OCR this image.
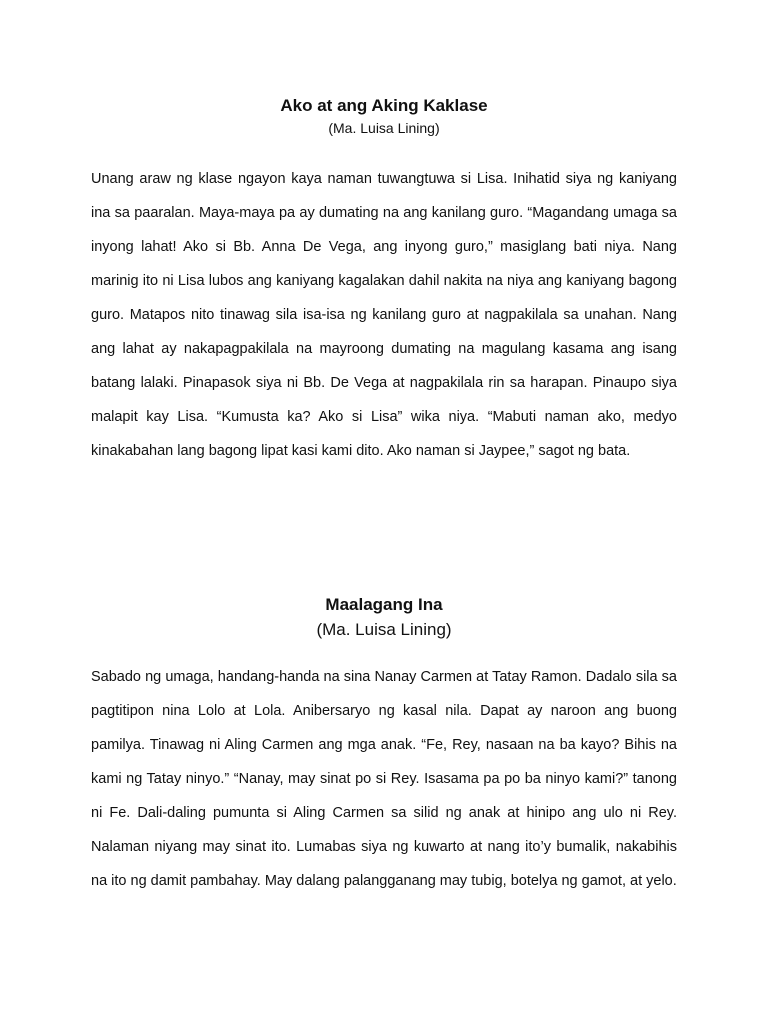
Ako at ang Aking Kaklase

(Ma. Luisa Lining)

Unang araw ng klase ngayon kaya naman tuwangtuwa si Lisa. Inihatid siya ng kaniyang ina sa paaralan. Maya-maya pa ay dumating na ang kanilang guro. “Magandang umaga sa inyong lahat! Ako si Bb. Anna De Vega, ang inyong guro,” masiglang bati niya. Nang marinig ito ni Lisa lubos ang kaniyang kagalakan dahil nakita na niya ang kaniyang bagong guro. Matapos nito tinawag sila isa-isa ng kanilang guro at nagpakilala sa unahan. Nang ang lahat ay nakapagpakilala na mayroong dumating na magulang kasama ang isang batang lalaki. Pinapasok siya ni Bb. De Vega at nagpakilala rin sa harapan. Pinaupo siya malapit kay Lisa. “Kumusta ka? Ako si Lisa” wika niya. “Mabuti naman ako, medyo kinakabahan lang bagong lipat kasi kami dito. Ako naman si Jaypee,” sagot ng bata.

Maalagang Ina

(Ma. Luisa Lining)

Sabado ng umaga, handang-handa na sina Nanay Carmen at Tatay Ramon. Dadalo sila sa pagtitipon nina Lolo at Lola. Anibersaryo ng kasal nila. Dapat ay naroon ang buong pamilya. Tinawag ni Aling Carmen ang mga anak. “Fe, Rey, nasaan na ba kayo? Bihis na kami ng Tatay ninyo.” “Nanay, may sinat po si Rey. Isasama pa po ba ninyo kami?” tanong ni Fe. Dali-daling pumunta si Aling Carmen sa silid ng anak at hinipo ang ulo ni Rey. Nalaman niyang may sinat ito. Lumabas siya ng kuwarto at nang ito’y bumalik, nakabihis na ito ng damit pambahay. May dalang palangganang may tubig, botelya ng gamot, at yelo.
